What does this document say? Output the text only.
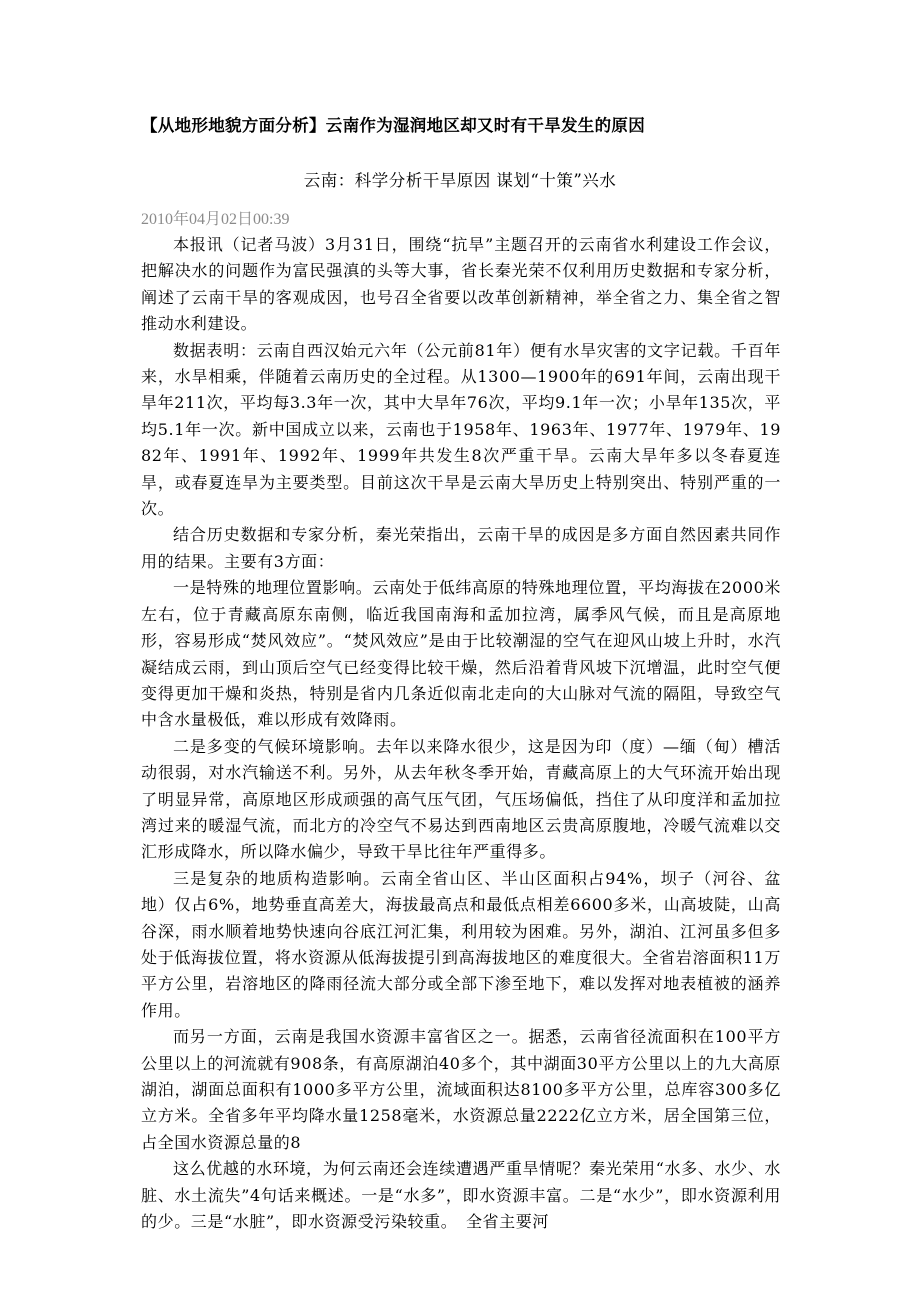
【从地形地貌方面分析】云南作为湿润地区却又时有干旱发生的原因
云南：科学分析干旱原因 谋划“十策”兴水
2010年04月02日00:39

本报讯（记者马波）3月31日，围绕“抗旱”主题召开的云南省水利建设工作会议，把解决水的问题作为富民强滇的头等大事，省长秦光荣不仅利用历史数据和专家分析，阐述了云南干旱的客观成因，也号召全省要以改革创新精神，举全省之力、集全省之智推动水利建设。

数据表明：云南自西汉始元六年（公元前81年）便有水旱灾害的文字记载。千百年来，水旱相乘，伴随着云南历史的全过程。从1300—1900年的691年间，云南出现干旱年211次，平均每3.3年一次，其中大旱年76次，平均9.1年一次；小旱年135次，平均5.1年一次。新中国成立以来，云南也于1958年、1963年、1977年、1979年、1982年、1991年、1992年、1999年共发生8次严重干旱。云南大旱年多以冬春夏连旱，或春夏连旱为主要类型。目前这次干旱是云南大旱历史上特别突出、特别严重的一次。

结合历史数据和专家分析，秦光荣指出，云南干旱的成因是多方面自然因素共同作用的结果。主要有3方面：

一是特殊的地理位置影响。云南处于低纬高原的特殊地理位置，平均海拔在2000米左右，位于青藏高原东南侧，临近我国南海和孟加拉湾，属季风气候，而且是高原地形，容易形成“焚风效应”。“焚风效应”是由于比较潮湿的空气在迎风山坡上升时，水汽凝结成云雨，到山顶后空气已经变得比较干燥，然后沿着背风坡下沉增温，此时空气便变得更加干燥和炎热，特别是省内几条近似南北走向的大山脉对气流的隔阻，导致空气中含水量极低，难以形成有效降雨。

二是多变的气候环境影响。去年以来降水很少，这是因为印（度）—缅（甸）槽活动很弱，对水汽输送不利。另外，从去年秋冬季开始，青藏高原上的大气环流开始出现了明显异常，高原地区形成顽强的高气压气团，气压场偏低，挡住了从印度洋和孟加拉湾过来的暖湿气流，而北方的冷空气不易达到西南地区云贵高原腹地，冷暖气流难以交汇形成降水，所以降水偏少，导致干旱比往年严重得多。

三是复杂的地质构造影响。云南全省山区、半山区面积占94%，坝子（河谷、盆地）仅占6%，地势垂直高差大，海拔最高点和最低点相差6600多米，山高坡陡，山高谷深，雨水顺着地势快速向谷底江河汇集，利用较为困难。另外，湖泊、江河虽多但多处于低海拔位置，将水资源从低海拔提引到高海拔地区的难度很大。全省岩溶面积11万平方公里，岩溶地区的降雨径流大部分或全部下渗至地下，难以发挥对地表植被的涵养作用。

而另一方面，云南是我国水资源丰富省区之一。据悉，云南省径流面积在100平方公里以上的河流就有908条，有高原湖泊40多个，其中湖面30平方公里以上的九大高原湖泊，湖面总面积有1000多平方公里，流域面积达8100多平方公里，总库容300多亿立方米。全省多年平均降水量1258毫米，水资源总量2222亿立方米，居全国第三位，占全国水资源总量的8

这么优越的水环境，为何云南还会连续遭遇严重旱情呢？秦光荣用“水多、水少、水脏、水土流失”4句话来概述。一是“水多”，即水资源丰富。二是“水少”，即水资源利用的少。三是“水脏”，即水资源受污染较重。　全省主要河
